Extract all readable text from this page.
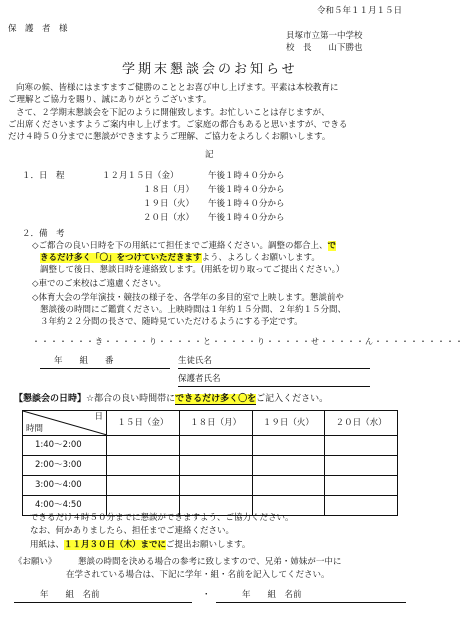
令和５年１１月１５日
保　護　者　様
貝塚市立第一中学校
校　長　　山下勝也
学期末懇談会のお知らせ
向寒の候、皆様にはますますご健勝のこととお喜び申し上げます。平素は本校教育に
ご理解とご協力を賜り、誠にありがとうございます。
さて、２学期末懇談会を下記のように開催致します。お忙しいことは存じますが、
ご出席くださいますようご案内申し上げます。ご家庭の都合もあると思いますが、できる
だけ４時５０分までに懇談ができますようご理解、ご協力をよろしくお願いします。
記
１．日　程	１２月１５日（金）	午後１時４０分から
１８日（月） 午後１時４０分から
１９日（火） 午後１時４０分から
２０日（水） 午後１時４０分から
２．備　考
◇ご都合の良い日時を下の用紙にて担任までご連絡ください。調整の都合上、で
きるだけ多く「〇」をつけていただきますよう、よろしくお願いします。
調整して後日、懇談日時を連絡致します。(用紙を切り取ってご提出ください。）
◇車でのご来校はご遠慮ください。
◇体育大会の学年演技・競技の様子を、各学年の多目的室で上映します。懇談前や
懇談後の時間にご鑑賞ください。上映時間は１年約１５分間、２年約１５分間、
３年約２２分間の長さで、随時見ていただけるようにする予定です。
・・・・・・・き・・・・・り・・・・・と・・・・・り・・・・・せ・・・・・ん・・・・・・・・・・
年　　組　　番	生徒氏名
保護者氏名
【懇談会の日時】☆都合の良い時間帯にできるだけ多く〇をご記入ください。
日
時間	１５日（金）	１８日（月）	１９日（火）	２０日（水）
1:40～2:00				
2:00～3:00				
3:00～4:00				
4:00～4:50				
できるだけ４時５０分までに懇談ができますよう、ご協力ください。
なお、何かありましたら、担任までご連絡ください。
用紙は、１１月３０日（木）までにご提出お願いします。
《お願い》	懇談の時間を決める場合の参考に致しますので、兄弟・姉妹が一中に
在学されている場合は、下記に学年・組・名前を記入してください。
年　　組　名前	・	年　　組　名前
